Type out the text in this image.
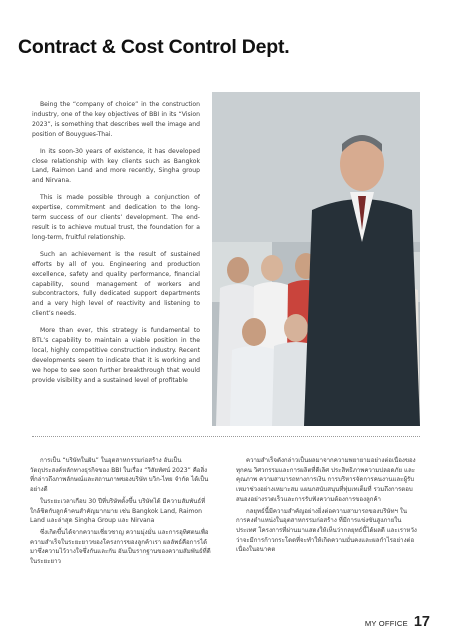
Contract & Cost Control Dept.

Being the “company of choice” in the construction industry, one of the key objectives of BBI in its “Vision 2023”, is something that describes well the image and position of Bouygues-Thai.

In its soon-30 years of existence, it has developed close relationship with key clients such as Bangkok Land, Raimon Land and more recently, Singha group and Nirvana.

This is made possible through a conjunction of expertise, commitment and dedication to the long-term success of our clients’ development. The end-result is to achieve mutual trust, the foundation for a long-term, fruitful relationship.

Such an achievement is the result of sustained efforts by all of you. Engineering and production excellence, safety and quality performance, financial capability, sound management of workers and subcontractors, fully dedicated support departments and a very high level of reactivity and listening to client’s needs.

More than ever, this strategy is fundamental to BTL’s capability to maintain a viable position in the local, highly competitive construction industry. Recent developments seem to indicate that it is working and we hope to see soon further breakthrough that would provide visibility and a sustained level of profitable

การเป็น “บริษัทในฝัน” ในอุตสาหกรรมก่อสร้าง อันเป็นวัตถุประสงค์หลักทางธุรกิจของ BBI ในเรื่อง “วิสัยทัศน์ 2023” คือสิ่งที่กล่าวถึงภาพลักษณ์และสถานภาพของบริษัท บวิก-ไทย จำกัด ได้เป็นอย่างดี

ในระยะเวลาเกือบ 30 ปีที่บริษัทตั้งขึ้น บริษัทได้ มีความสัมพันธ์ที่ใกล้ชิดกับลูกค้าคนสำคัญมากมาย เช่น Bangkok Land, Raimon Land และล่าสุด Singha Group และ Nirvana

ซึ่งเกิดขึ้นได้จากความเชี่ยวชาญ ความมุ่งมั่น และการอุทิศตนเพื่อความสำเร็จในระยะยาวของโครงการของลูกค้าเรา ผลลัพธ์คือการได้มาซึ่งความไว้วางใจซึ่งกันและกัน อันเป็นรากฐานของความสัมพันธ์ที่ดีในระยะยาว

ความสำเร็จดังกล่าวเป็นผลมาจากความพยายามอย่างต่อเนื่องของทุกคน วิศวกรรมและการผลิตที่ดีเลิศ ประสิทธิภาพความปลอดภัย และคุณภาพ ความสามารถทางการเงิน การบริหารจัดการคนงานและผู้รับเหมาช่วงอย่างเหมาะสม แผนกสนับสนุนที่ทุ่มเทเต็มที่ รวมถึงการตอบสนองอย่างรวดเร็วและการรับฟังความต้องการของลูกค้า

กลยุทธ์นี้มีความสำคัญอย่างยิ่งต่อความสามารถของบริษัทฯ ในการคงตำแหน่งในอุตสาหกรรมก่อสร้าง ที่มีการแข่งขันสูงภายในประเทศ โครงการที่ผ่านมาแสดงให้เห็นว่ากลยุทธ์นี้ได้ผลดี และเราหวังว่าจะมีการก้าวกระโดดที่จะทำให้เกิดความมั่นคงและผลกำไรอย่างต่อเนื่องในอนาคต

MY OFFICE 17
